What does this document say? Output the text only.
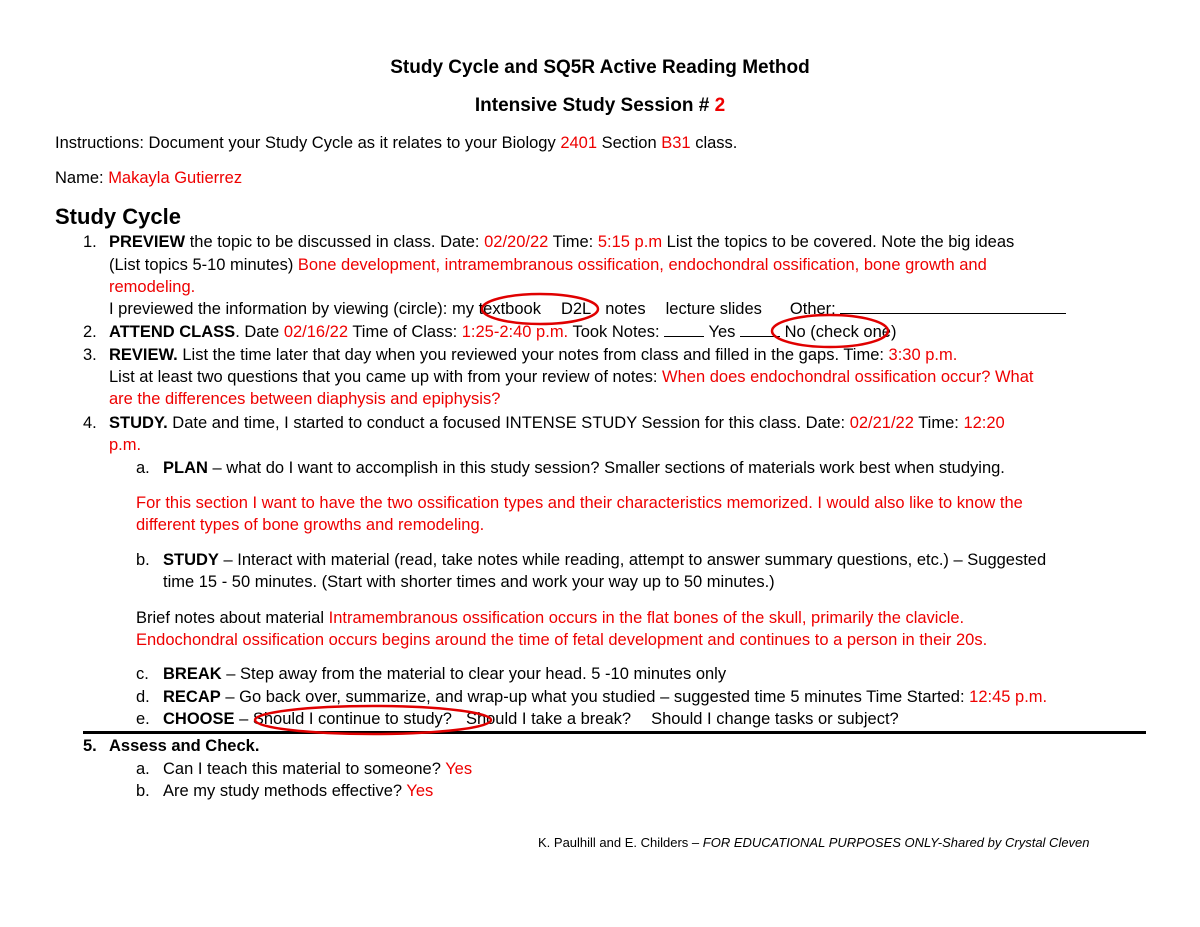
Study Cycle and SQ5R Active Reading Method
Intensive Study Session # 2
Instructions: Document your Study Cycle as it relates to your Biology 2401 Section B31 class.
Name: Makayla Gutierrez
Study Cycle
1. PREVIEW the topic to be discussed in class. Date: 02/20/22 Time: 5:15 p.m List the topics to be covered. Note the big ideas
(List topics 5-10 minutes) Bone development, intramembranous ossification, endochondral ossification, bone growth and
remodeling.
I previewed the information by viewing (circle): my textbook D2L notes lecture slides Other:
2. ATTEND CLASS. Date 02/16/22 Time of Class: 1:25-2:40 p.m. Took Notes:	Yes	No (check one)
3. REVIEW. List the time later that day when you reviewed your notes from class and filled in the gaps. Time: 3:30 p.m.
List at least two questions that you came up with from your review of notes: When does endochondral ossification occur? What
are the differences between diaphysis and epiphysis?
4. STUDY. Date and time, I started to conduct a focused INTENSE STUDY Session for this class. Date: 02/21/22 Time: 12:20
p.m.
a. PLAN – what do I want to accomplish in this study session? Smaller sections of materials work best when studying.
For this section I want to have the two ossification types and their characteristics memorized. I would also like to know the
different types of bone growths and remodeling.
b. STUDY – Interact with material (read, take notes while reading, attempt to answer summary questions, etc.) – Suggested
time 15 - 50 minutes. (Start with shorter times and work your way up to 50 minutes.)
Brief notes about material Intramembranous ossification occurs in the flat bones of the skull, primarily the clavicle.
Endochondral ossification occurs begins around the time of fetal development and continues to a person in their 20s.
c. BREAK – Step away from the material to clear your head. 5 -10 minutes only
d. RECAP – Go back over, summarize, and wrap-up what you studied – suggested time 5 minutes Time Started: 12:45 p.m.
e. CHOOSE – Should I continue to study? Should I take a break? Should I change tasks or subject?
5. Assess and Check.
a. Can I teach this material to someone? Yes
b. Are my study methods effective? Yes
K. Paulhill and E. Childers – FOR EDUCATIONAL PURPOSES ONLY-Shared by Crystal Cleven
